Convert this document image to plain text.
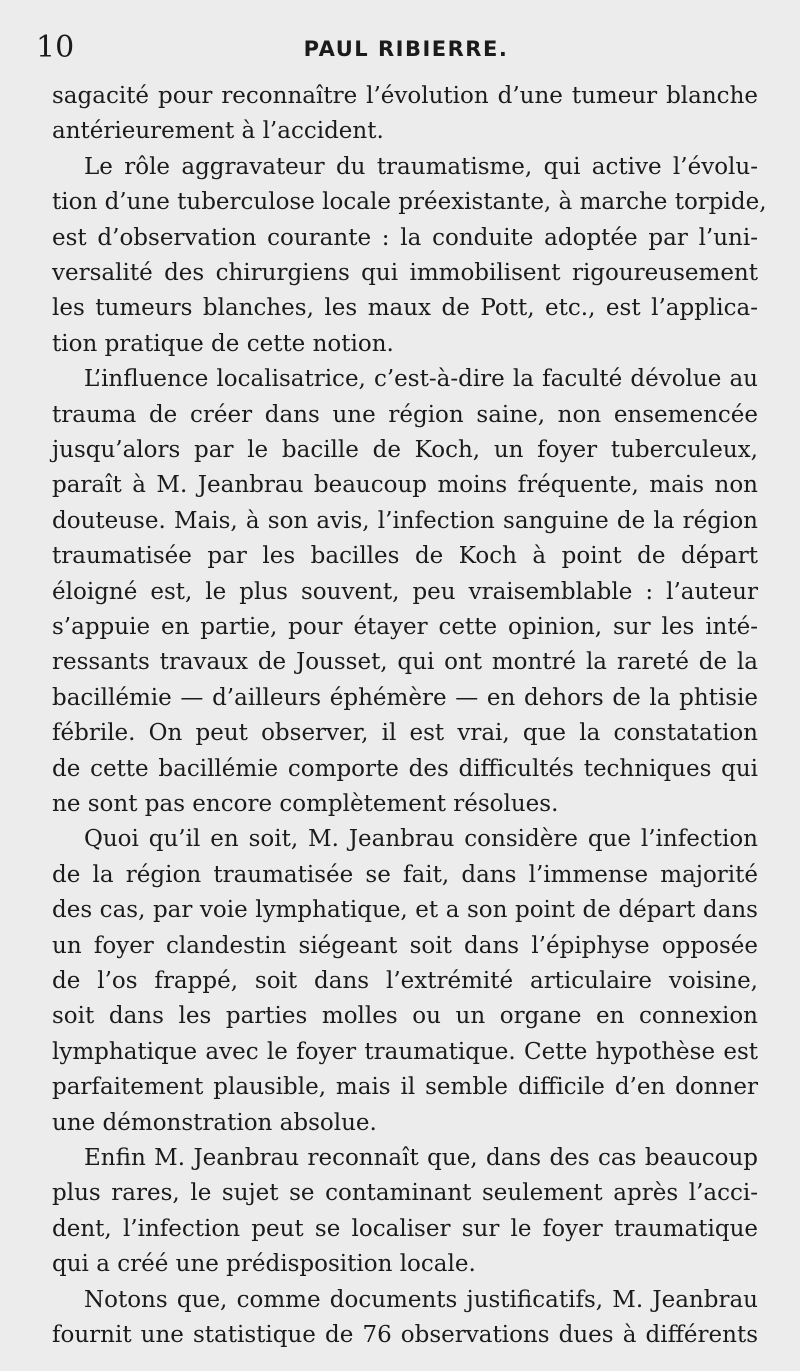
10	PAUL RIBIERRE.

sagacité pour reconnaître l’évolution d’une tumeur blanche

antérieurement à l’accident.

Le rôle aggravateur du traumatisme, qui active l’évolu-

tion d’une tuberculose locale préexistante, à marche torpide,

est d’observation courante : la conduite adoptée par l’uni-

versalité des chirurgiens qui immobilisent rigoureusement

les tumeurs blanches, les maux de Pott, etc., est l’applica-

tion pratique de cette notion.

L’influence localisatrice, c’est-à-dire la faculté dévolue au

trauma de créer dans une région saine, non ensemencée

jusqu’alors par le bacille de Koch, un foyer tuberculeux,

paraît à M. Jeanbrau beaucoup moins fréquente, mais non

douteuse. Mais, à son avis, l’infection sanguine de la région

traumatisée par les bacilles de Koch à point de départ

éloigné est, le plus souvent, peu vraisemblable : l’auteur

s’appuie en partie, pour étayer cette opinion, sur les inté-

ressants travaux de Jousset, qui ont montré la rareté de la

bacillémie — d’ailleurs éphémère — en dehors de la phtisie

fébrile. On peut observer, il est vrai, que la constatation

de cette bacillémie comporte des difficultés techniques qui

ne sont pas encore complètement résolues.

Quoi qu’il en soit, M. Jeanbrau considère que l’infection

de la région traumatisée se fait, dans l’immense majorité

des cas, par voie lymphatique, et a son point de départ dans

un foyer clandestin siégeant soit dans l’épiphyse opposée

de l’os frappé, soit dans l’extrémité articulaire voisine,

soit dans les parties molles ou un organe en connexion

lymphatique avec le foyer traumatique. Cette hypothèse est

parfaitement plausible, mais il semble difficile d’en donner

une démonstration absolue.

Enfin M. Jeanbrau reconnaît que, dans des cas beaucoup

plus rares, le sujet se contaminant seulement après l’acci-

dent, l’infection peut se localiser sur le foyer traumatique

qui a créé une prédisposition locale.

Notons que, comme documents justificatifs, M. Jeanbrau

fournit une statistique de 76 observations dues à différents
